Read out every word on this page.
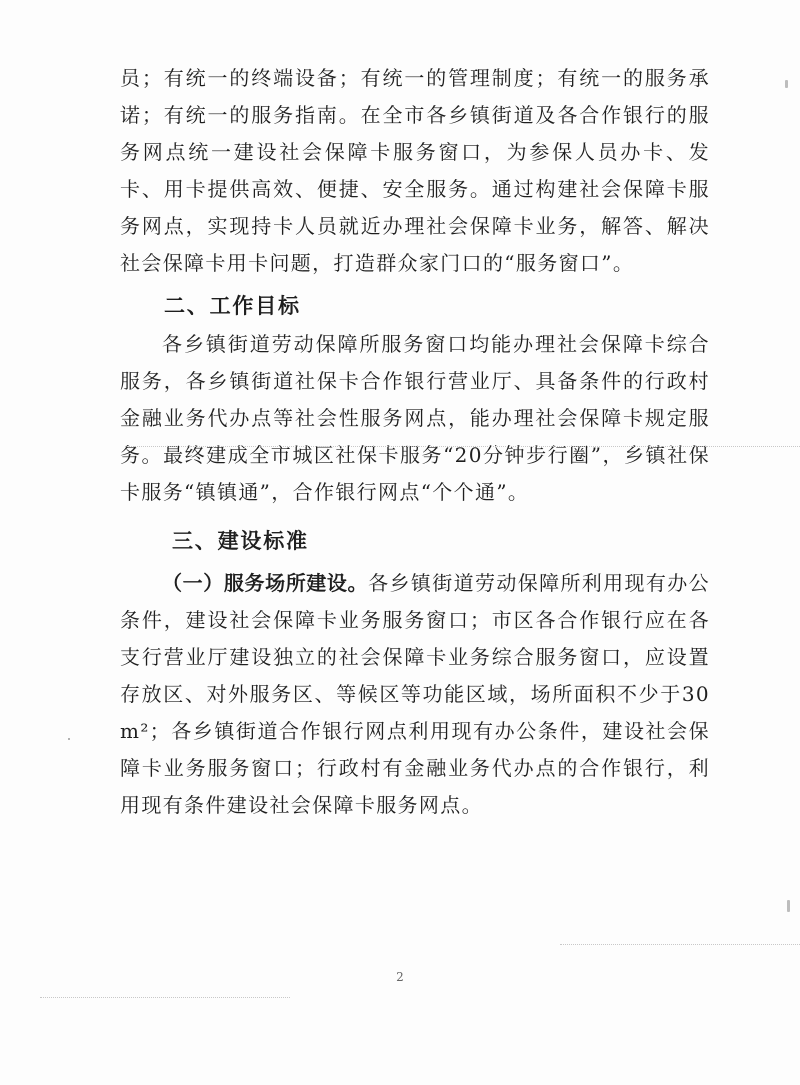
员；有统一的终端设备；有统一的管理制度；有统一的服务承诺；有统一的服务指南。在全市各乡镇街道及各合作银行的服务网点统一建设社会保障卡服务窗口，为参保人员办卡、发卡、用卡提供高效、便捷、安全服务。通过构建社会保障卡服务网点，实现持卡人员就近办理社会保障卡业务，解答、解决社会保障卡用卡问题，打造群众家门口的“服务窗口”。

二、工作目标

各乡镇街道劳动保障所服务窗口均能办理社会保障卡综合服务，各乡镇街道社保卡合作银行营业厅、具备条件的行政村金融业务代办点等社会性服务网点，能办理社会保障卡规定服务。最终建成全市城区社保卡服务“20分钟步行圈”，乡镇社保卡服务“镇镇通”，合作银行网点“个个通”。

三、建设标准

（一）服务场所建设。各乡镇街道劳动保障所利用现有办公条件，建设社会保障卡业务服务窗口；市区各合作银行应在各支行营业厅建设独立的社会保障卡业务综合服务窗口，应设置存放区、对外服务区、等候区等功能区域，场所面积不少于30 m²；各乡镇街道合作银行网点利用现有办公条件，建设社会保障卡业务服务窗口；行政村有金融业务代办点的合作银行，利用现有条件建设社会保障卡服务网点。

2
